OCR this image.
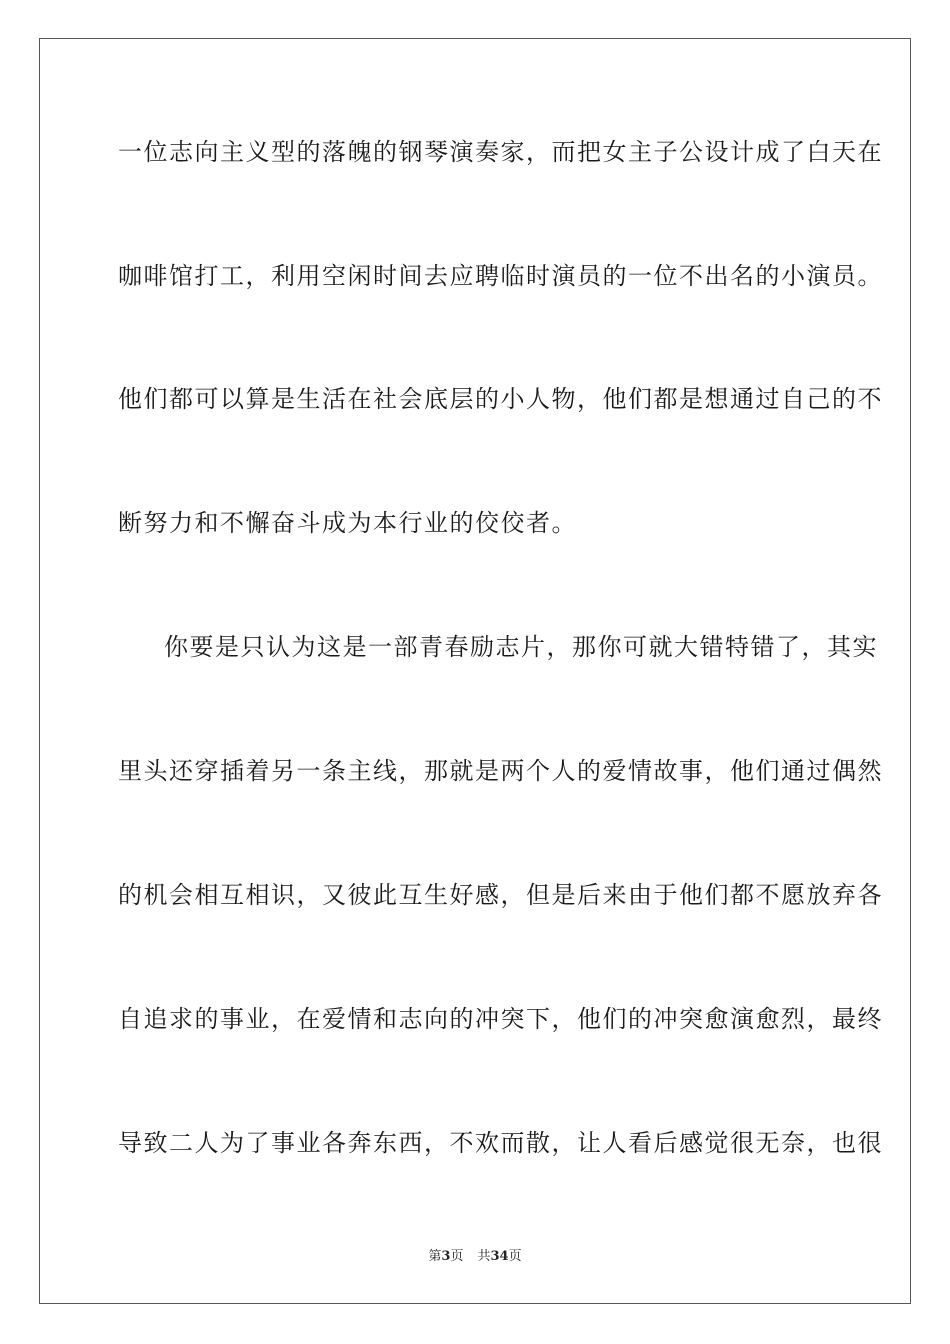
一位志向主义型的落魄的钢琴演奏家，而把女主子公设计成了白天在
咖啡馆打工，利用空闲时间去应聘临时演员的一位不出名的小演员。
他们都可以算是生活在社会底层的小人物，他们都是想通过自己的不
断努力和不懈奋斗成为本行业的佼佼者。
你要是只认为这是一部青春励志片，那你可就大错特错了，其实
里头还穿插着另一条主线，那就是两个人的爱情故事，他们通过偶然
的机会相互相识，又彼此互生好感，但是后来由于他们都不愿放弃各
自追求的事业，在爱情和志向的冲突下，他们的冲突愈演愈烈，最终
导致二人为了事业各奔东西，不欢而散，让人看后感觉很无奈，也很
第3页 共34页
